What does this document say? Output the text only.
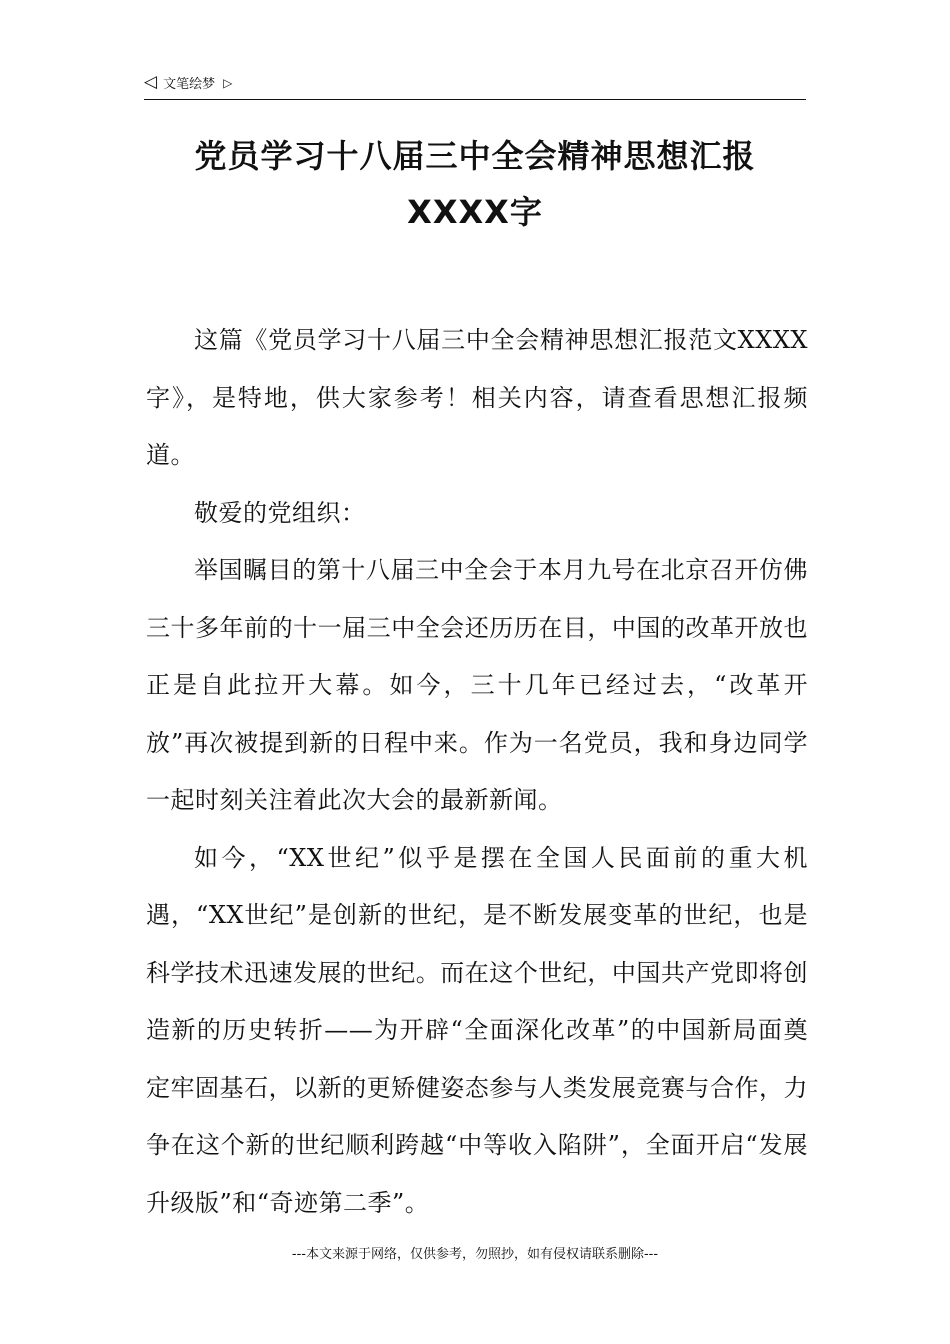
◁ 文笔绘梦 ▷
党员学习十八届三中全会精神思想汇报
XXXX字

这篇《党员学习十八届三中全会精神思想汇报范文XXXX字》，是特地，供大家参考！相关内容，请查看思想汇报频道。

敬爱的党组织：

举国瞩目的第十八届三中全会于本月九号在北京召开仿佛三十多年前的十一届三中全会还历历在目，中国的改革开放也正是自此拉开大幕。如今，三十几年已经过去，“改革开放”再次被提到新的日程中来。作为一名党员，我和身边同学一起时刻关注着此次大会的最新新闻。

如今，“XX世纪”似乎是摆在全国人民面前的重大机遇，“XX世纪”是创新的世纪，是不断发展变革的世纪，也是科学技术迅速发展的世纪。而在这个世纪，中国共产党即将创造新的历史转折——为开辟“全面深化改革”的中国新局面奠定牢固基石，以新的更矫健姿态参与人类发展竞赛与合作，力争在这个新的世纪顺利跨越“中等收入陷阱”，全面开启“发展升级版”和“奇迹第二季”。

---本文来源于网络，仅供参考，勿照抄，如有侵权请联系删除---
